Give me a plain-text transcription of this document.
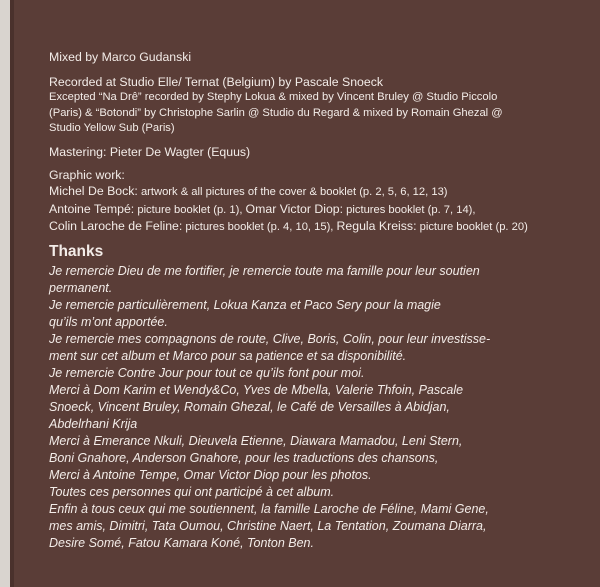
Mixed by Marco Gudanski
Recorded at Studio Elle/ Ternat (Belgium) by Pascale Snoeck
Excepted “Na Drê” recorded by Stephy Lokua & mixed by Vincent Bruley @ Studio Piccolo
(Paris) & “Botondi” by Christophe Sarlin @ Studio du Regard & mixed by Romain Ghezal @
Studio Yellow Sub (Paris)
Mastering: Pieter De Wagter (Equus)
Graphic work:
Michel De Bock: artwork & all pictures of the cover & booklet (p. 2, 5, 6, 12, 13)
Antoine Tempé: picture booklet (p. 1), Omar Victor Diop: pictures booklet (p. 7, 14),
Colin Laroche de Feline: pictures booklet (p. 4, 10, 15), Regula Kreiss: picture booklet (p. 20)
Thanks
Je remercie Dieu de me fortifier, je remercie toute ma famille pour leur soutien
permanent.
Je remercie particulièrement, Lokua Kanza et Paco Sery pour la magie
qu’ils m’ont apportée.
Je remercie mes compagnons de route, Clive, Boris, Colin, pour leur investisse-
ment sur cet album et Marco pour sa patience et sa disponibilité.
Je remercie Contre Jour pour tout ce qu’ils font pour moi.
Merci à Dom Karim et Wendy&Co, Yves de Mbella, Valerie Thfoin, Pascale
Snoeck, Vincent Bruley, Romain Ghezal, le Café de Versailles à Abidjan,
Abdelrhani Krija
Merci à Emerance Nkuli, Dieuvela Etienne, Diawara Mamadou, Leni Stern,
Boni Gnahore, Anderson Gnahore, pour les traductions des chansons,
Merci à Antoine Tempe, Omar Victor Diop pour les photos.
Toutes ces personnes qui ont participé à cet album.
Enfin à tous ceux qui me soutiennent, la famille Laroche de Féline, Mami Gene,
mes amis, Dimitri, Tata Oumou, Christine Naert, La Tentation, Zoumana Diarra,
Desire Somé, Fatou Kamara Koné, Tonton Ben.
